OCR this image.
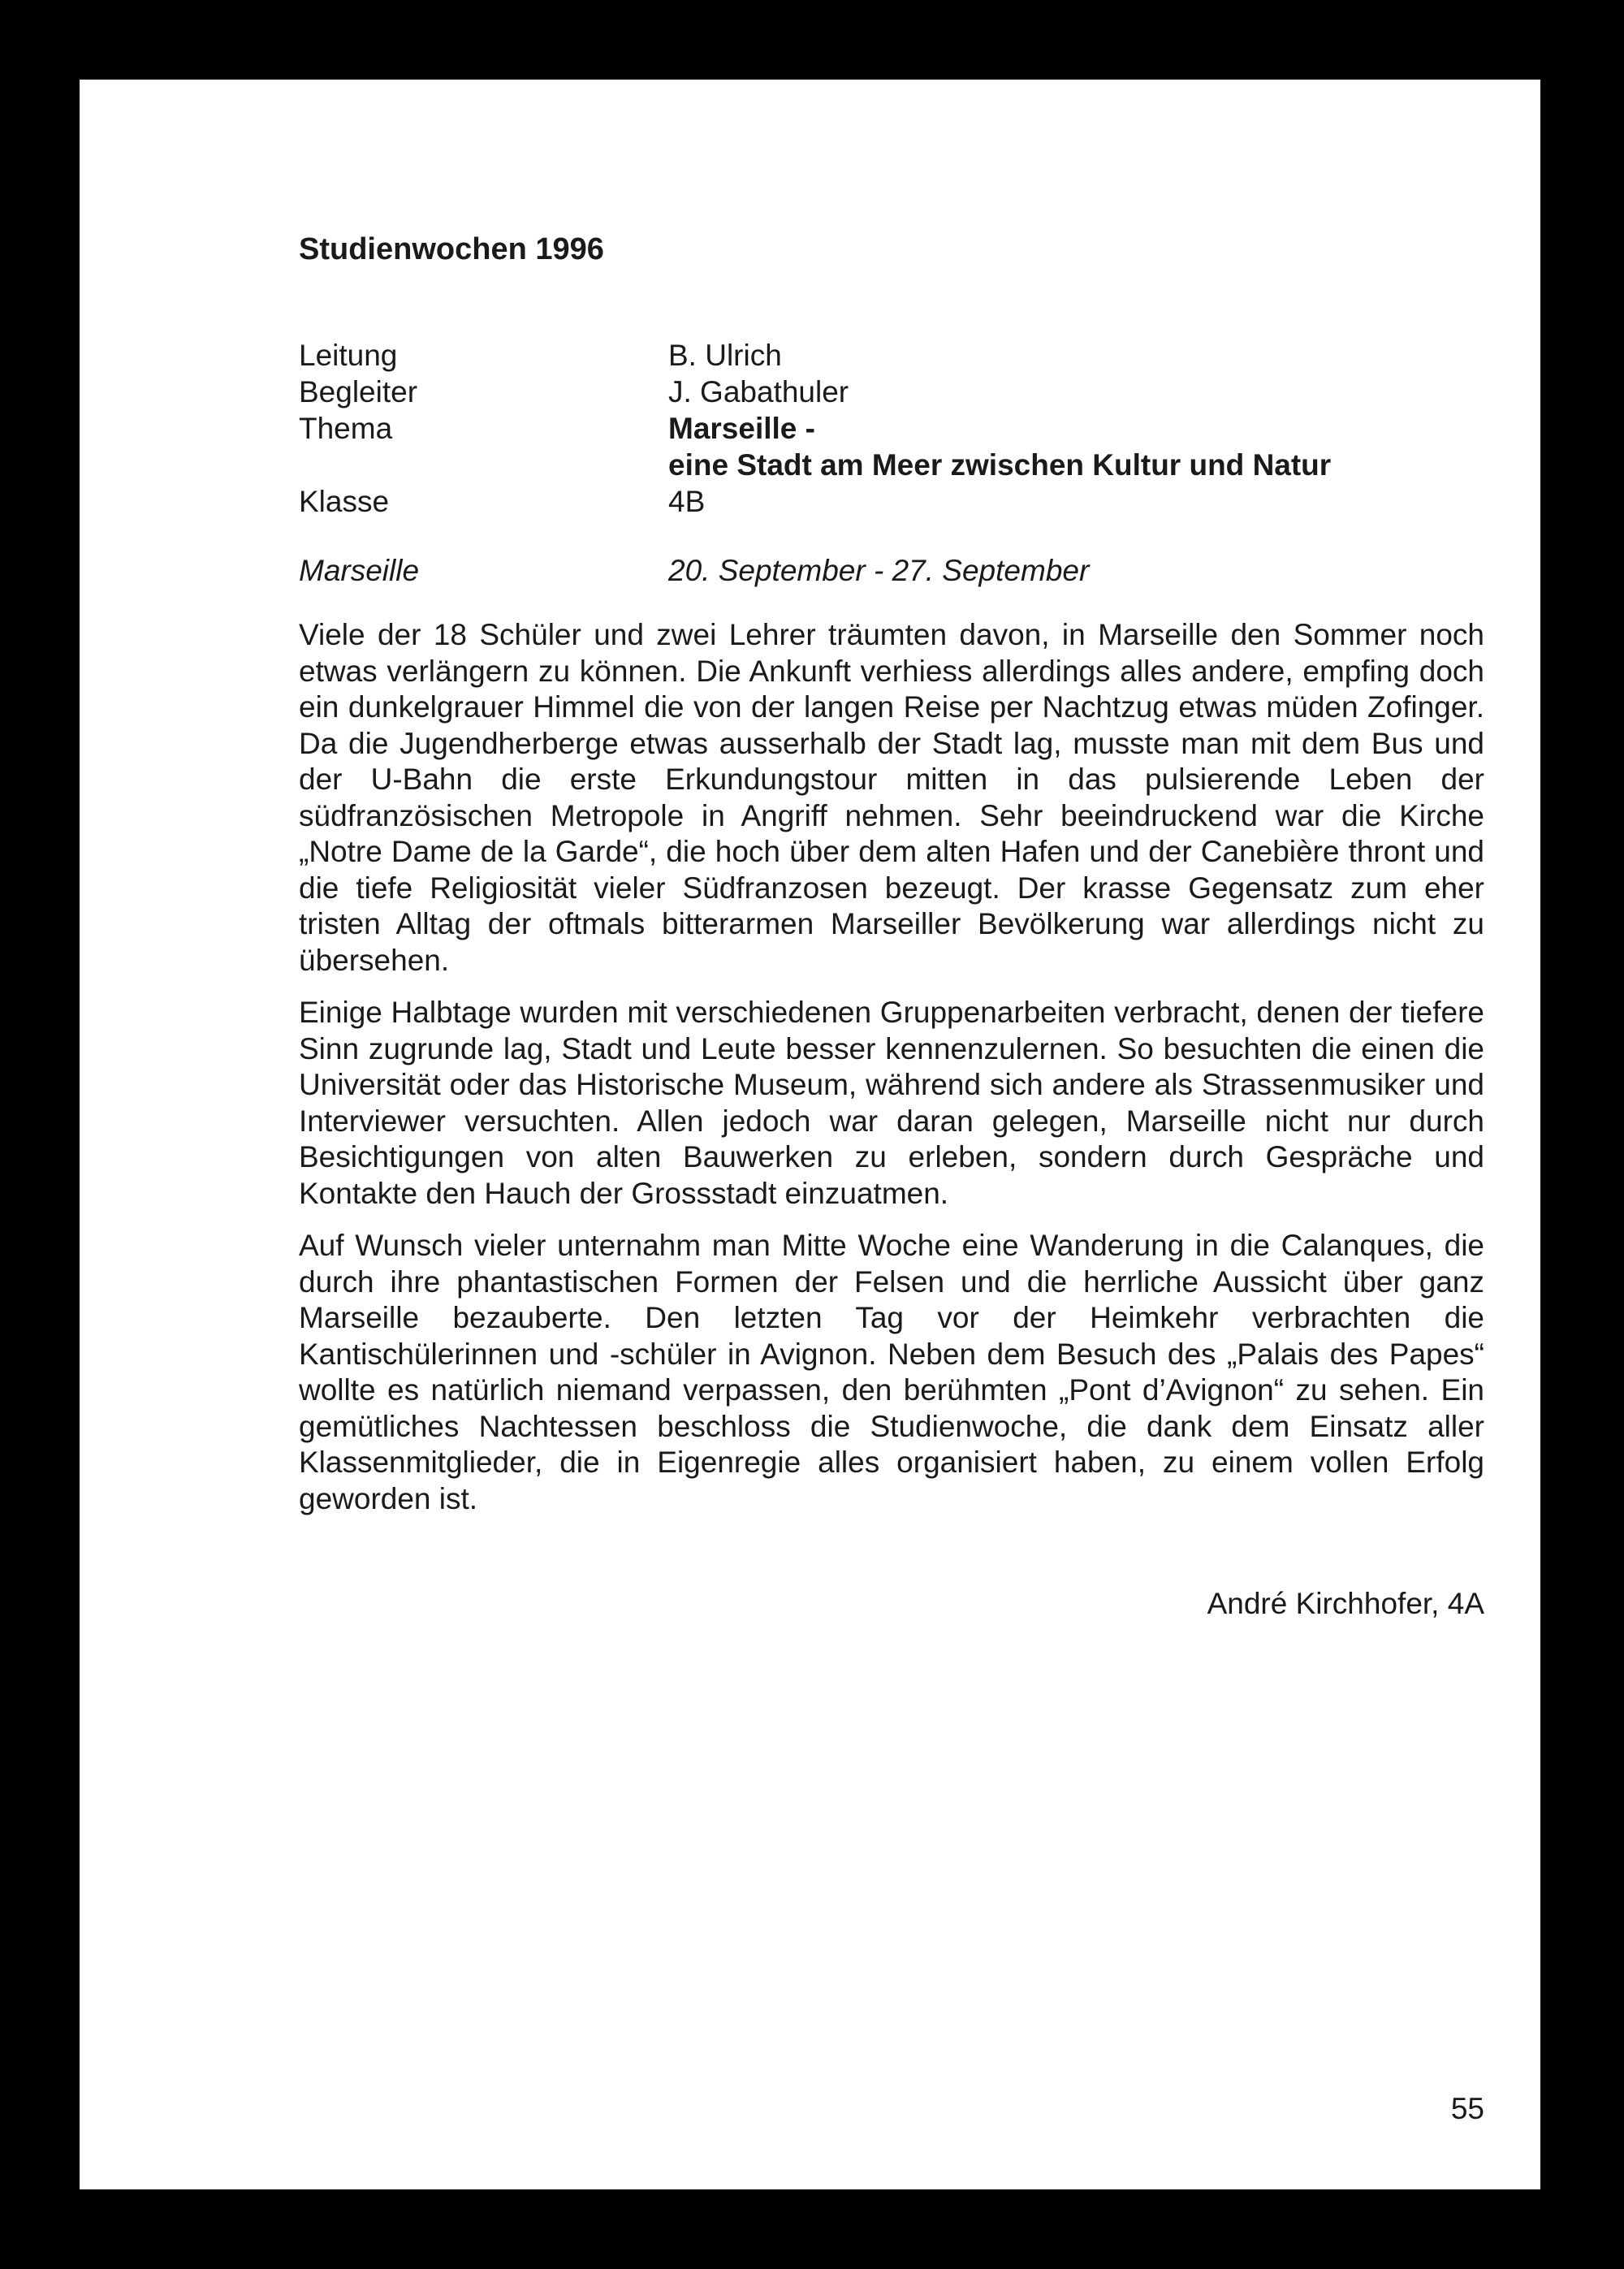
Studienwochen 1996
Leitung	B. Ulrich
Begleiter	J. Gabathuler
Thema	Marseille -
eine Stadt am Meer zwischen Kultur und Natur
Klasse	4B
Marseille	20. September - 27. September

Viele der 18 Schüler und zwei Lehrer träumten davon, in Marseille den Sommer noch etwas verlängern zu können. Die Ankunft verhiess allerdings alles andere, empfing doch ein dunkelgrauer Himmel die von der langen Reise per Nachtzug etwas müden Zofinger. Da die Jugendherberge etwas ausserhalb der Stadt lag, musste man mit dem Bus und der U-Bahn die erste Erkundungstour mitten in das pulsierende Leben der südfranzösischen Metropole in Angriff nehmen. Sehr beeindruckend war die Kirche „Notre Dame de la Garde“, die hoch über dem alten Hafen und der Canebière thront und die tiefe Religiosität vieler Südfranzosen bezeugt. Der krasse Gegensatz zum eher tristen Alltag der oftmals bitterarmen Marseiller Bevölkerung war allerdings nicht zu übersehen.

Einige Halbtage wurden mit verschiedenen Gruppenarbeiten verbracht, denen der tiefere Sinn zugrunde lag, Stadt und Leute besser kennenzulernen. So besuchten die einen die Universität oder das Historische Museum, während sich andere als Strassenmusiker und Interviewer versuchten. Allen jedoch war daran gelegen, Marseille nicht nur durch Besichtigungen von alten Bauwerken zu erleben, sondern durch Gespräche und Kontakte den Hauch der Grossstadt einzuatmen.

Auf Wunsch vieler unternahm man Mitte Woche eine Wanderung in die Calanques, die durch ihre phantastischen Formen der Felsen und die herrliche Aussicht über ganz Marseille bezauberte. Den letzten Tag vor der Heimkehr verbrachten die Kantischülerinnen und -schüler in Avignon. Neben dem Besuch des „Palais des Papes“ wollte es natürlich niemand verpassen, den berühmten „Pont d’Avignon“ zu sehen. Ein gemütliches Nachtessen beschloss die Studienwoche, die dank dem Einsatz aller Klassenmitglieder, die in Eigenregie alles organisiert haben, zu einem vollen Erfolg geworden ist.

André Kirchhofer, 4A
55
